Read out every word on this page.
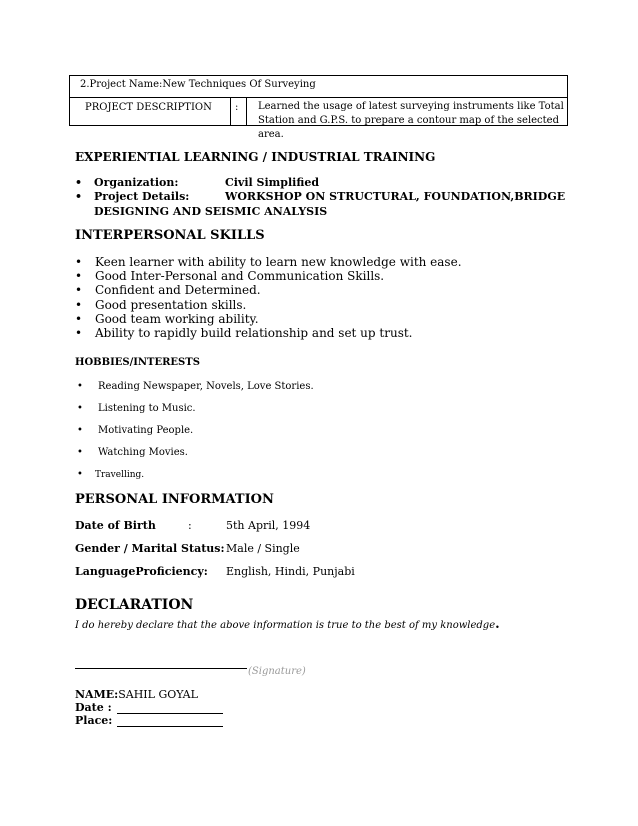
2.Project Name:New Techniques Of Surveying
PROJECT DESCRIPTION : Learned the usage of latest surveying instruments like Total
Station and G.P.S. to prepare a contour map of the selected area.
EXPERIENTIAL LEARNING / INDUSTRIAL TRAINING
• Organization:	Civil Simplified
• Project Details:	WORKSHOP ON STRUCTURAL, FOUNDATION,BRIDGE
DESIGNING AND SEISMIC ANALYSIS
INTERPERSONAL SKILLS
• Keen learner with ability to learn new knowledge with ease.
• Good Inter-Personal and Communication Skills.
• Confident and Determined.
• Good presentation skills.
• Good team working ability.
• Ability to rapidly build relationship and set up trust.
HOBBIES/INTERESTS
• Reading Newspaper, Novels, Love Stories.
• Listening to Music.
• Motivating People.
• Watching Movies.
• Travelling.
PERSONAL INFORMATION
Date of Birth	:	5th April, 1994
Gender / Marital Status: Male / Single
LanguageProficiency: English, Hindi, Punjabi
DECLARATION
I do hereby declare that the above information is true to the best of my knowledge.
(Signature)
NAME:SAHIL GOYAL
Date :
Place:
